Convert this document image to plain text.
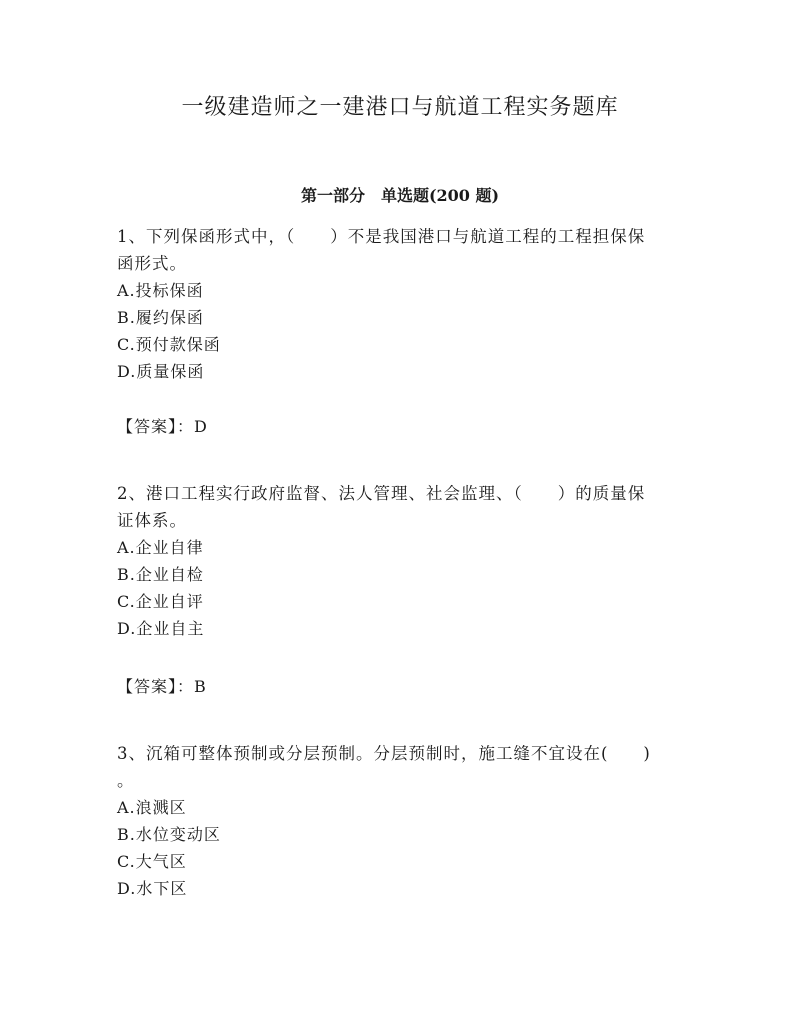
一级建造师之一建港口与航道工程实务题库
第一部分　单选题(200 题)

1、下列保函形式中，（　　）不是我国港口与航道工程的工程担保保

函形式。

A.投标保函

B.履约保函

C.预付款保函

D.质量保函

【答案】：D

2、港口工程实行政府监督、法人管理、社会监理、（　　）的质量保

证体系。

A.企业自律

B.企业自检

C.企业自评

D.企业自主

【答案】：B

3、沉箱可整体预制或分层预制。分层预制时，施工缝不宜设在(　　)

。

A.浪溅区

B.水位变动区

C.大气区

D.水下区
